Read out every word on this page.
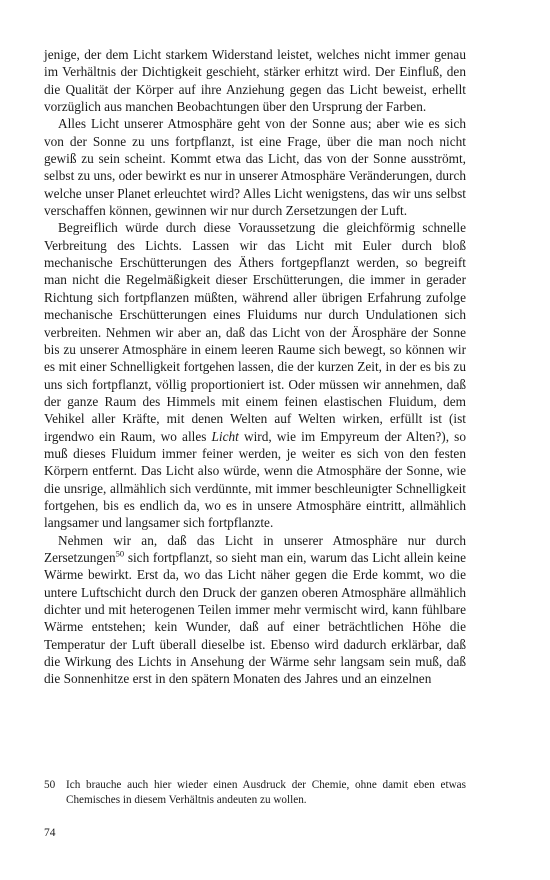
jenige, der dem Licht starkem Widerstand leistet, welches nicht immer genau im Verhältnis der Dichtigkeit geschieht, stärker erhitzt wird. Der Einfluß, den die Qualität der Körper auf ihre Anziehung gegen das Licht beweist, erhellt vorzüglich aus manchen Beobachtungen über den Ursprung der Farben.

Alles Licht unserer Atmosphäre geht von der Sonne aus; aber wie es sich von der Sonne zu uns fortpflanzt, ist eine Frage, über die man noch nicht gewiß zu sein scheint. Kommt etwa das Licht, das von der Sonne ausströmt, selbst zu uns, oder bewirkt es nur in unserer Atmosphäre Veränderungen, durch welche unser Planet erleuchtet wird? Alles Licht wenigstens, das wir uns selbst verschaffen können, gewinnen wir nur durch Zersetzungen der Luft.

Begreiflich würde durch diese Voraussetzung die gleichförmig schnelle Verbreitung des Lichts. Lassen wir das Licht mit Euler durch bloß mechanische Erschütterungen des Äthers fortgepflanzt werden, so begreift man nicht die Regelmäßigkeit dieser Erschütterungen, die immer in gerader Richtung sich fortpflanzen müßten, während aller übrigen Erfahrung zufolge mechanische Erschütterungen eines Fluidums nur durch Undulationen sich verbreiten. Nehmen wir aber an, daß das Licht von der Ärosphäre der Sonne bis zu unserer Atmosphäre in einem leeren Raume sich bewegt, so können wir es mit einer Schnelligkeit fortgehen lassen, die der kurzen Zeit, in der es bis zu uns sich fortpflanzt, völlig proportioniert ist. Oder müssen wir annehmen, daß der ganze Raum des Himmels mit einem feinen elastischen Fluidum, dem Vehikel aller Kräfte, mit denen Welten auf Welten wirken, erfüllt ist (ist irgendwo ein Raum, wo alles Licht wird, wie im Empyreum der Alten?), so muß dieses Fluidum immer feiner werden, je weiter es sich von den festen Körpern entfernt. Das Licht also würde, wenn die Atmosphäre der Sonne, wie die unsrige, allmählich sich verdünnte, mit immer beschleunigter Schnelligkeit fortgehen, bis es endlich da, wo es in unsere Atmosphäre eintritt, allmählich langsamer und langsamer sich fortpflanzte.

Nehmen wir an, daß das Licht in unserer Atmosphäre nur durch Zersetzungen$^{50}$ sich fortpflanzt, so sieht man ein, warum das Licht allein keine Wärme bewirkt. Erst da, wo das Licht näher gegen die Erde kommt, wo die untere Luftschicht durch den Druck der ganzen oberen Atmosphäre allmählich dichter und mit heterogenen Teilen immer mehr vermischt wird, kann fühlbare Wärme entstehen; kein Wunder, daß auf einer beträchtlichen Höhe die Temperatur der Luft überall dieselbe ist. Ebenso wird dadurch erklärbar, daß die Wirkung des Lichts in Ansehung der Wärme sehr langsam sein muß, daß die Sonnenhitze erst in den spätern Monaten des Jahres und an einzelnen

50 Ich brauche auch hier wieder einen Ausdruck der Chemie, ohne damit eben etwas Chemisches in diesem Verhältnis andeuten zu wollen.
74
